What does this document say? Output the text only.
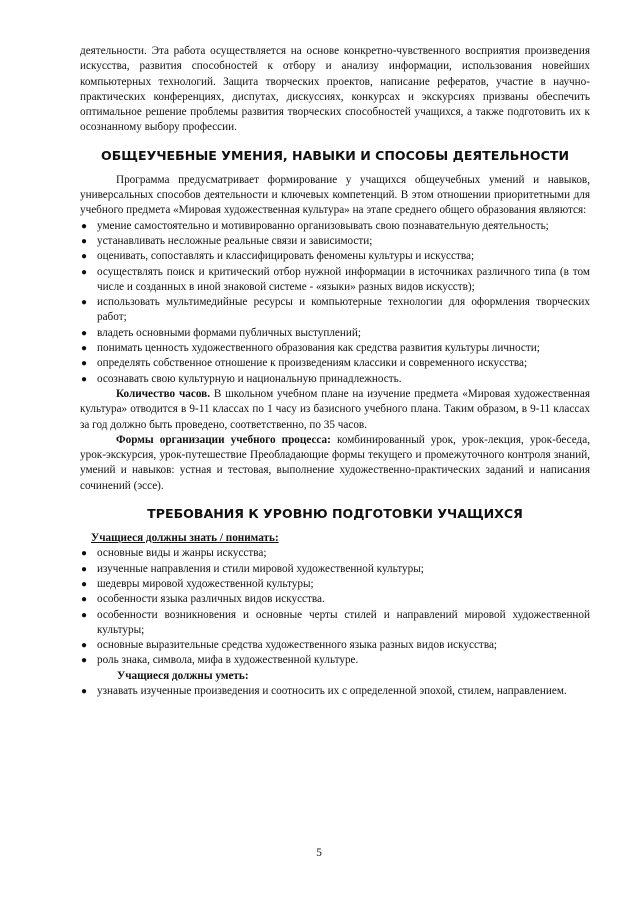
деятельности. Эта работа осуществляется на основе конкретно-чувственного восприятия произведения искусства, развития способностей к отбору и анализу информации, использования новейших компьютерных технологий. Защита творческих проектов, написание рефератов, участие в научно-практических конференциях, диспутах, дискуссиях, конкурсах и экскурсиях призваны обеспечить оптимальное решение проблемы развития творческих способностей учащихся, а также подготовить их к осознанному выбору профессии.

ОБЩЕУЧЕБНЫЕ УМЕНИЯ, НАВЫКИ И СПОСОБЫ ДЕЯТЕЛЬНОСТИ

Программа предусматривает формирование у учащихся общеучебных умений и навыков, универсальных способов деятельности и ключевых компетенций. В этом отношении приоритетными для учебного предмета «Мировая художественная культура» на этапе среднего общего образования являются:

● умение самостоятельно и мотивированно организовывать свою познавательную деятельность;
● устанавливать несложные реальные связи и зависимости;
● оценивать, сопоставлять и классифицировать феномены культуры и искусства;
● осуществлять поиск и критический отбор нужной информации в источниках различного типа (в том числе и созданных в иной знаковой системе - «языки» разных видов искусств);
● использовать мультимедийные ресурсы и компьютерные технологии для оформления творческих работ;
● владеть основными формами публичных выступлений;
● понимать ценность художественного образования как средства развития культуры личности;
● определять собственное отношение к произведениям классики и современного искусства;
● осознавать свою культурную и национальную принадлежность.

Количество часов. В школьном учебном плане на изучение предмета «Мировая художественная культура» отводится в 9-11 классах по 1 часу из базисного учебного плана. Таким образом, в 9-11 классах за год должно быть проведено, соответственно, по 35 часов.

Формы организации учебного процесса: комбинированный урок, урок-лекция, урок-беседа, урок-экскурсия, урок-путешествие Преобладающие формы текущего и промежуточного контроля знаний, умений и навыков: устная и тестовая, выполнение художественно-практических заданий и написания сочинений (эссе).

ТРЕБОВАНИЯ К УРОВНЮ ПОДГОТОВКИ УЧАЩИХСЯ

Учащиеся должны знать / понимать:

● основные виды и жанры искусства;
● изученные направления и стили мировой художественной культуры;
● шедевры мировой художественной культуры;
● особенности языка различных видов искусства.
● особенности возникновения и основные черты стилей и направлений мировой художественной культуры;
● основные выразительные средства художественного языка разных видов искусства;
● роль знака, символа, мифа в художественной культуре.

Учащиеся должны уметь:

● узнавать изученные произведения и соотносить их с определенной эпохой, стилем, направлением.
5
